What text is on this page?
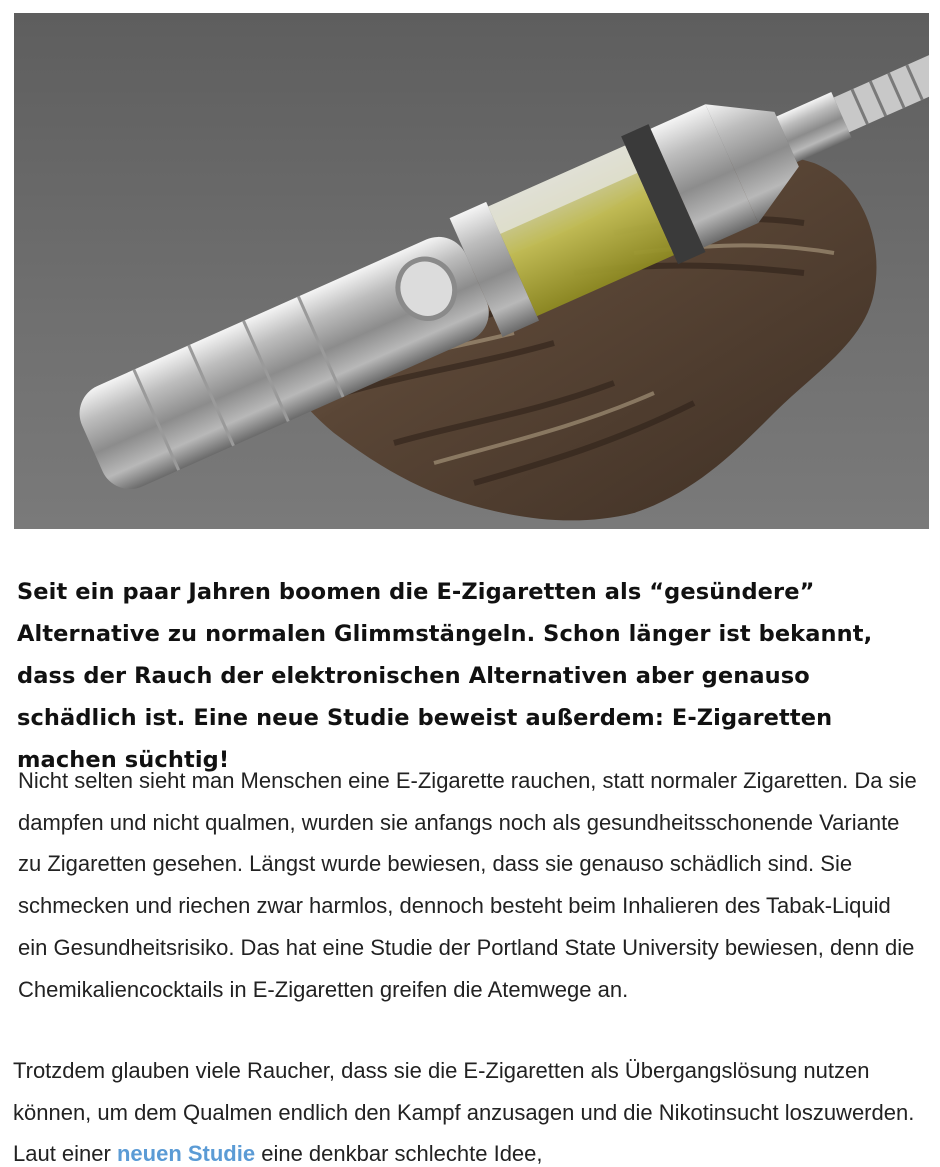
Seit ein paar Jahren boomen die E-Zigaretten als “gesündere” Alternative zu normalen Glimmstängeln. Schon länger ist bekannt, dass der Rauch der elektronischen Alternativen aber genauso schädlich ist. Eine neue Studie beweist außerdem: E-Zigaretten machen süchtig!

Nicht selten sieht man Menschen eine E-Zigarette rauchen, statt normaler Zigaretten. Da sie dampfen und nicht qualmen, wurden sie anfangs noch als gesundheitsschonende Variante zu Zigaretten gesehen. Längst wurde bewiesen, dass sie genauso schädlich sind. Sie schmecken und riechen zwar harmlos, dennoch besteht beim Inhalieren des Tabak-Liquid ein Gesundheitsrisiko. Das hat eine Studie der Portland State University bewiesen, denn die Chemikaliencocktails in E-Zigaretten greifen die Atemwege an.

Trotzdem glauben viele Raucher, dass sie die E-Zigaretten als Übergangslösung nutzen können, um dem Qualmen endlich den Kampf anzusagen und die Nikotinsucht loszuwerden. Laut einer neuen Studie eine denkbar schlechte Idee,
